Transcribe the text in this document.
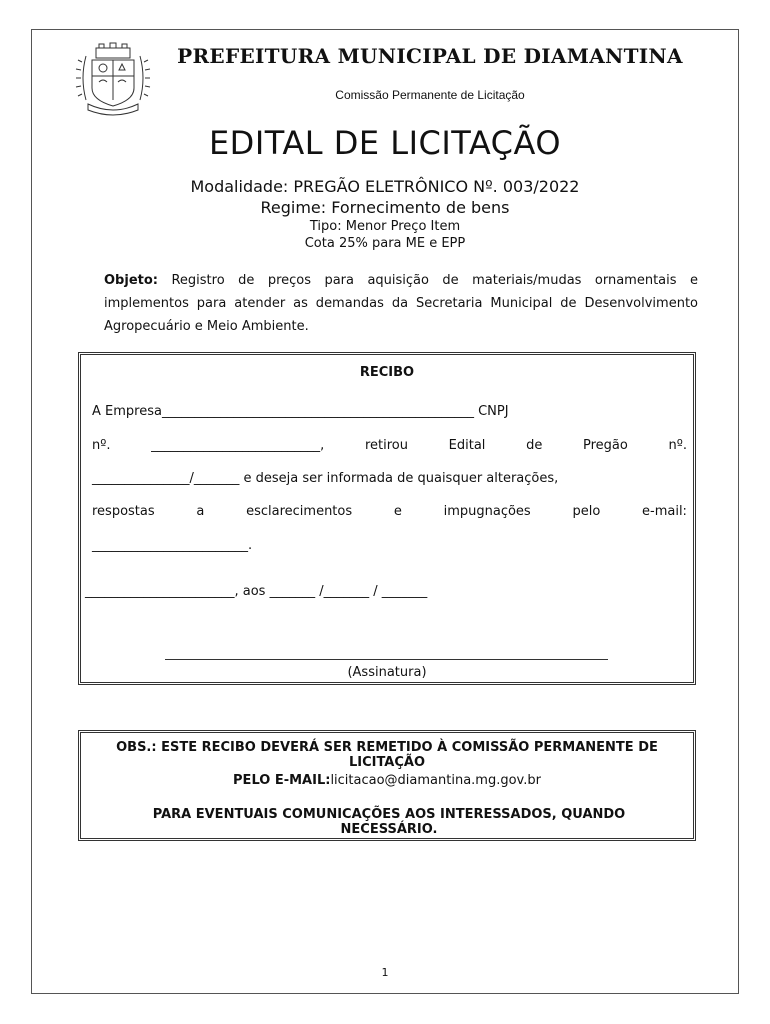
PREFEITURA MUNICIPAL DE DIAMANTINA
Comissão Permanente de Licitação
EDITAL DE LICITAÇÃO
Modalidade: PREGÃO ELETRÔNICO Nº. 003/2022
Regime: Fornecimento de bens
Tipo: Menor Preço Item
Cota 25% para ME e EPP
Objeto: Registro de preços para aquisição de materiais/mudas ornamentais e implementos para atender as demandas da Secretaria Municipal de Desenvolvimento Agropecuário e Meio Ambiente.
RECIBO
A Empresa________________________________________________ CNPJ
nº.	__________________________,	retirou	Edital	de	Pregão	nº.
_______________/_______ e deseja ser informada de quaisquer alterações,
respostas	a	esclarecimentos	e	impugnações	pelo	e-mail:
________________________.
_______________________, aos _______ /_______ / _______
(Assinatura)
OBS.: ESTE RECIBO DEVERÁ SER REMETIDO À COMISSÃO PERMANENTE DE LICITAÇÃO
PELO E-MAIL:licitacao@diamantina.mg.gov.br
PARA EVENTUAIS COMUNICAÇÕES AOS INTERESSADOS, QUANDO NECESSÁRIO.
1
